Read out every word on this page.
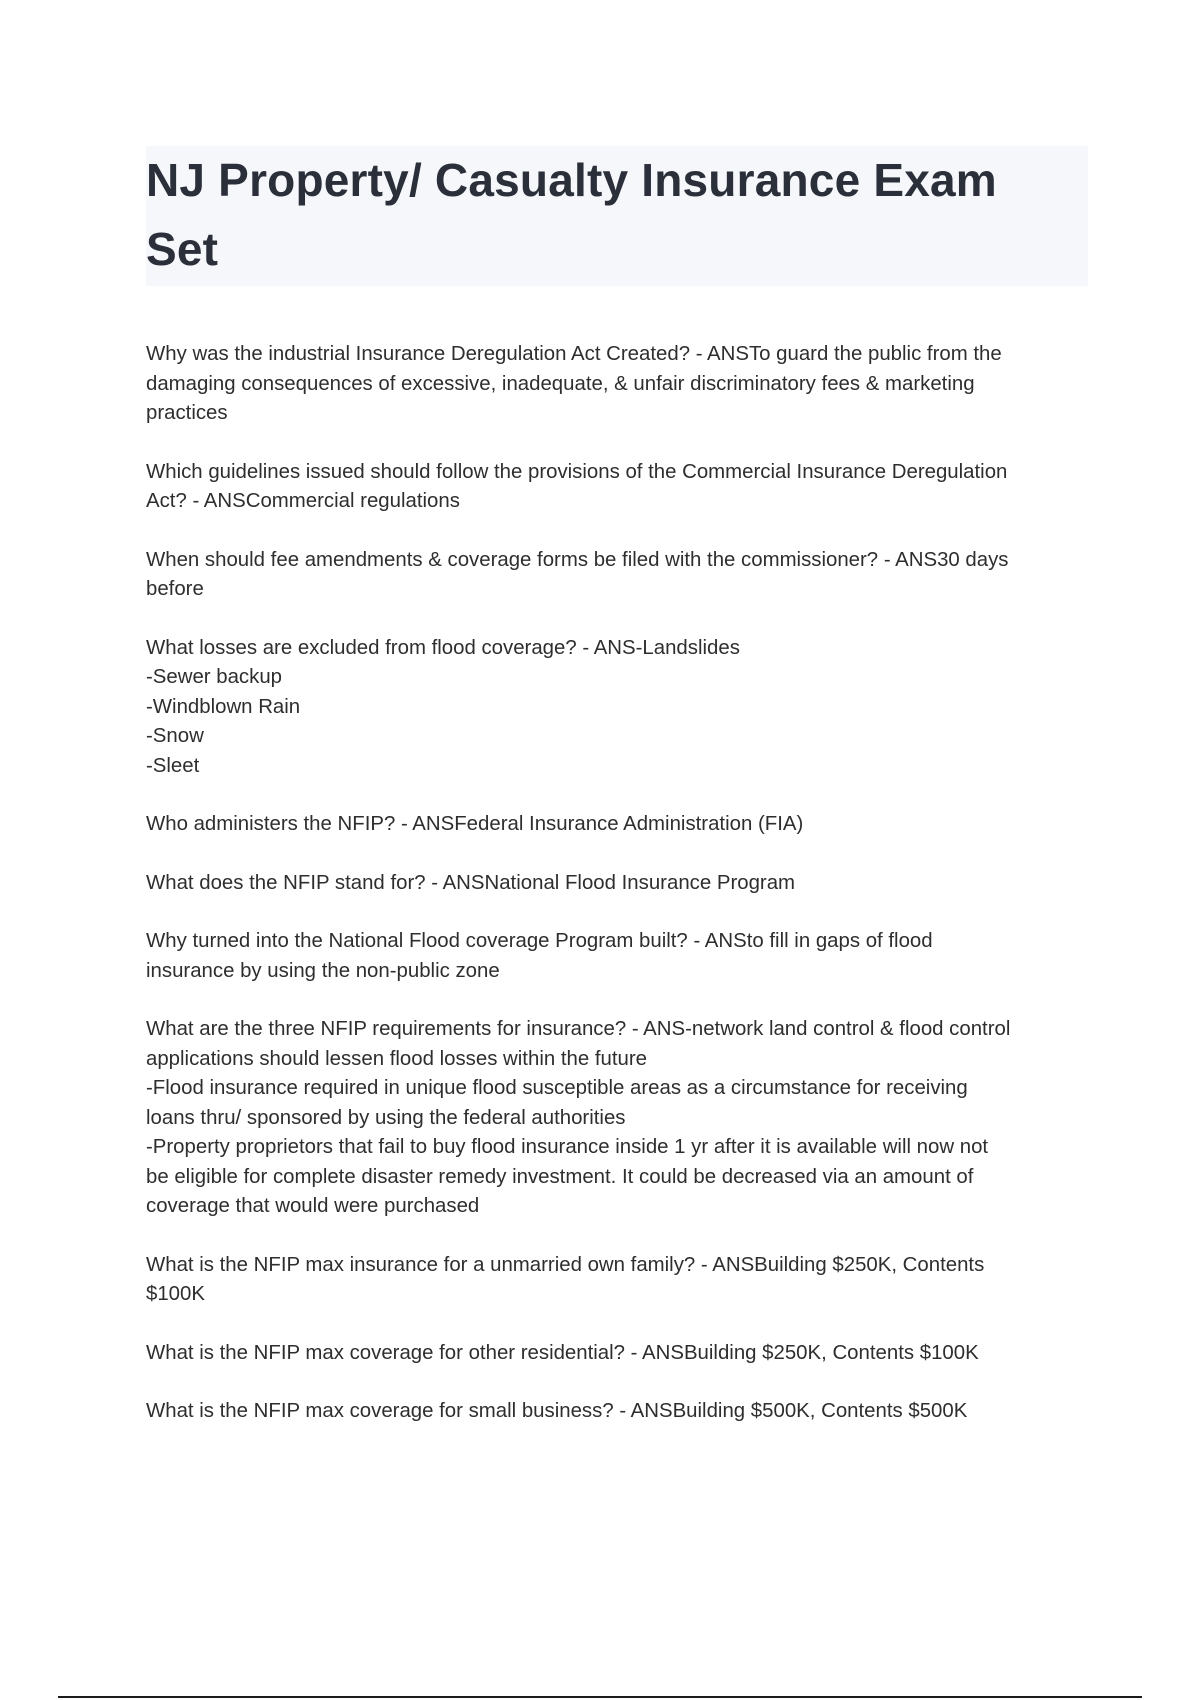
NJ Property/ Casualty Insurance Exam
Set

Why was the industrial Insurance Deregulation Act Created? - ANSTo guard the public from the
damaging consequences of excessive, inadequate, & unfair discriminatory fees & marketing
practices

Which guidelines issued should follow the provisions of the Commercial Insurance Deregulation
Act? - ANSCommercial regulations

When should fee amendments & coverage forms be filed with the commissioner? - ANS30 days
before

What losses are excluded from flood coverage? - ANS-Landslides
-Sewer backup
-Windblown Rain
-Snow
-Sleet

Who administers the NFIP? - ANSFederal Insurance Administration (FIA)

What does the NFIP stand for? - ANSNational Flood Insurance Program

Why turned into the National Flood coverage Program built? - ANSto fill in gaps of flood
insurance by using the non-public zone

What are the three NFIP requirements for insurance? - ANS-network land control & flood control
applications should lessen flood losses within the future
-Flood insurance required in unique flood susceptible areas as a circumstance for receiving
loans thru/ sponsored by using the federal authorities
-Property proprietors that fail to buy flood insurance inside 1 yr after it is available will now not
be eligible for complete disaster remedy investment. It could be decreased via an amount of
coverage that would were purchased

What is the NFIP max insurance for a unmarried own family? - ANSBuilding $250K, Contents
$100K

What is the NFIP max coverage for other residential? - ANSBuilding $250K, Contents $100K

What is the NFIP max coverage for small business? - ANSBuilding $500K, Contents $500K
